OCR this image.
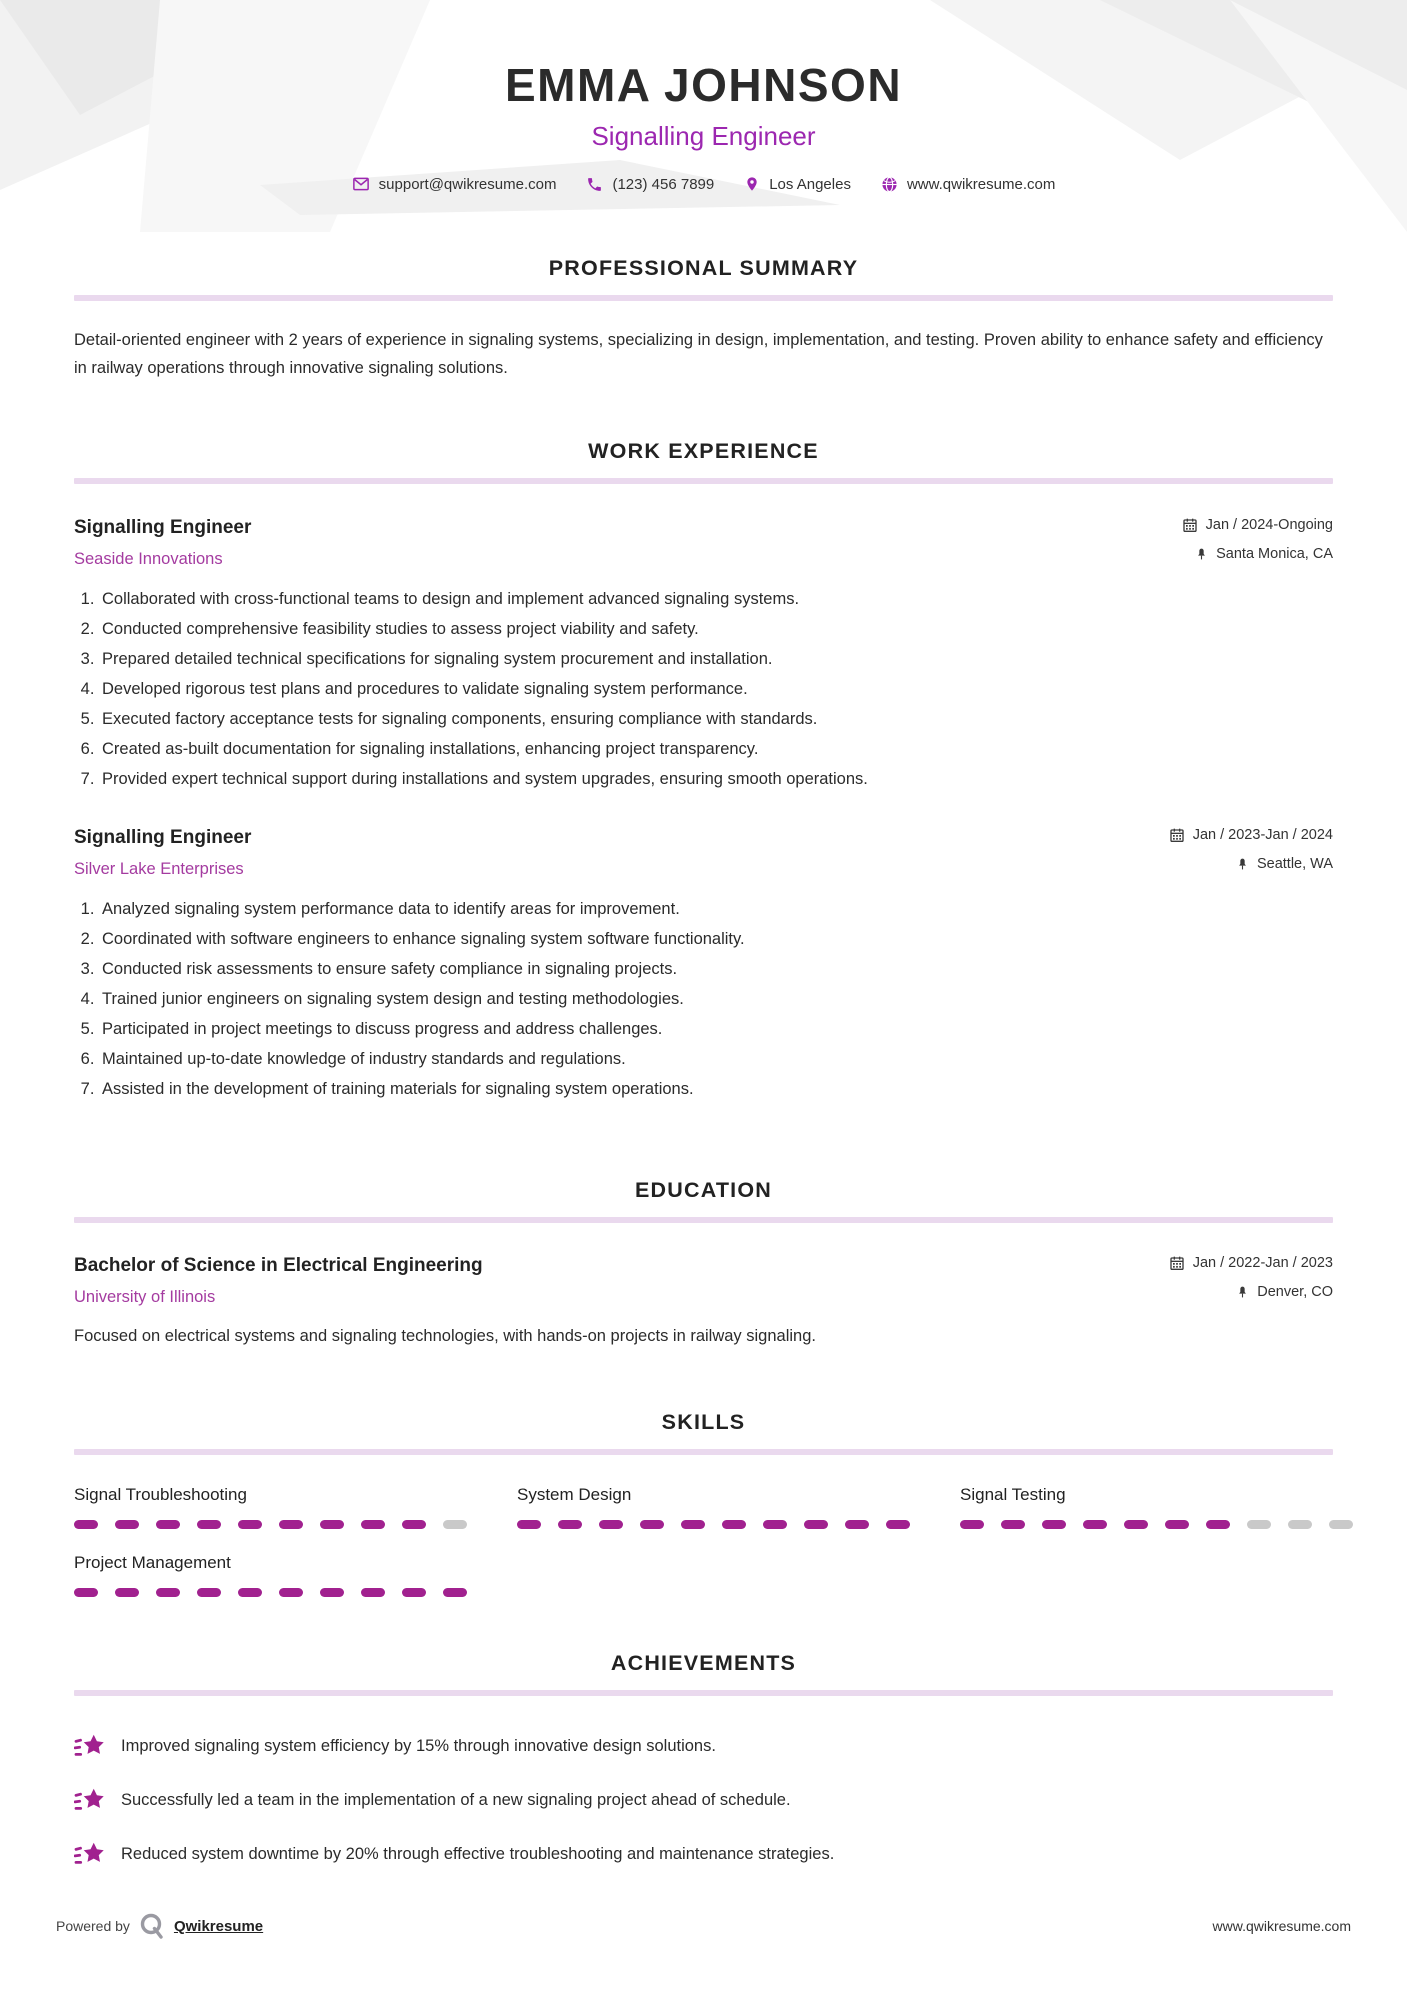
EMMA JOHNSON
Signalling Engineer
support@qwikresume.com	(123) 456 7899	Los Angeles	www.qwikresume.com
PROFESSIONAL SUMMARY

Detail-oriented engineer with 2 years of experience in signaling systems, specializing in design, implementation, and testing. Proven ability to enhance safety and efficiency in railway operations through innovative signaling solutions.

WORK EXPERIENCE
Signalling Engineer
Seaside Innovations
Jan / 2024-Ongoing
Santa Monica, CA
1. Collaborated with cross-functional teams to design and implement advanced signaling systems.
2. Conducted comprehensive feasibility studies to assess project viability and safety.
3. Prepared detailed technical specifications for signaling system procurement and installation.
4. Developed rigorous test plans and procedures to validate signaling system performance.
5. Executed factory acceptance tests for signaling components, ensuring compliance with standards.
6. Created as-built documentation for signaling installations, enhancing project transparency.
7. Provided expert technical support during installations and system upgrades, ensuring smooth operations.
Signalling Engineer
Silver Lake Enterprises
Jan / 2023-Jan / 2024
Seattle, WA
1. Analyzed signaling system performance data to identify areas for improvement.
2. Coordinated with software engineers to enhance signaling system software functionality.
3. Conducted risk assessments to ensure safety compliance in signaling projects.
4. Trained junior engineers on signaling system design and testing methodologies.
5. Participated in project meetings to discuss progress and address challenges.
6. Maintained up-to-date knowledge of industry standards and regulations.
7. Assisted in the development of training materials for signaling system operations.
EDUCATION
Bachelor of Science in Electrical Engineering
University of Illinois
Jan / 2022-Jan / 2023
Denver, CO
Focused on electrical systems and signaling technologies, with hands-on projects in railway signaling.
SKILLS
Signal Troubleshooting	System Design	Signal Testing
Project Management
ACHIEVEMENTS
Improved signaling system efficiency by 15% through innovative design solutions.
Successfully led a team in the implementation of a new signaling project ahead of schedule.
Reduced system downtime by 20% through effective troubleshooting and maintenance strategies.
Powered by	Qwikresume	www.qwikresume.com
